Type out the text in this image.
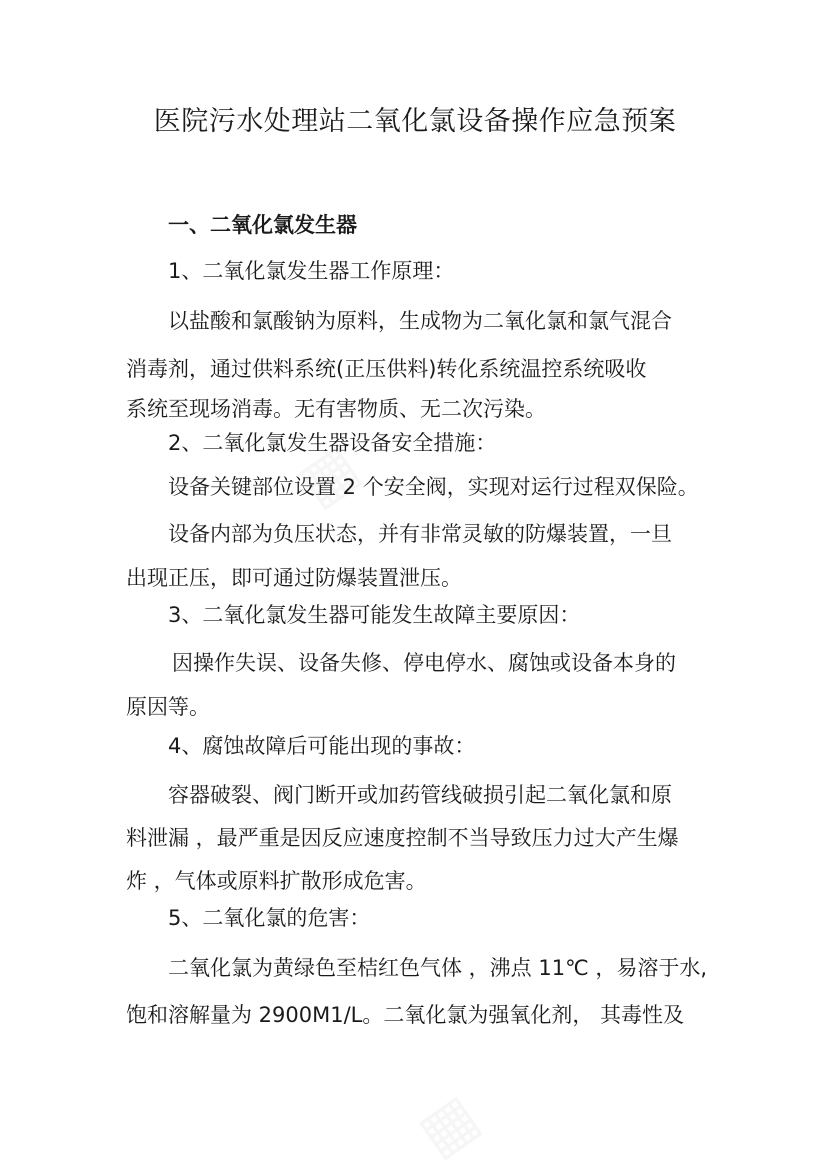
▦
▦
医院污水处理站二氧化氯设备操作应急预案
一、二氧化氯发生器
1、二氧化氯发生器工作原理：
以盐酸和氯酸钠为原料，生成物为二氧化氯和氯气混合
消毒剂，通过供料系统(正压供料)转化系统温控系统吸收
系统至现场消毒。无有害物质、无二次污染。
2、二氧化氯发生器设备安全措施：
设备关键部位设置 2 个安全阀，实现对运行过程双保险。
设备内部为负压状态，并有非常灵敏的防爆装置，一旦
出现正压，即可通过防爆装置泄压。
3、二氧化氯发生器可能发生故障主要原因：
因操作失误、设备失修、停电停水、腐蚀或设备本身的
原因等。
4、腐蚀故障后可能出现的事故：
容器破裂、阀门断开或加药管线破损引起二氧化氯和原
料泄漏 ，最严重是因反应速度控制不当导致压力过大产生爆
炸 ，气体或原料扩散形成危害。
5、二氧化氯的危害：
二氧化氯为黄绿色至桔红色气体 ，沸点 11℃ ，易溶于水,
饱和溶解量为 2900M1/L。二氧化氯为强氧化剂， 其毒性及
